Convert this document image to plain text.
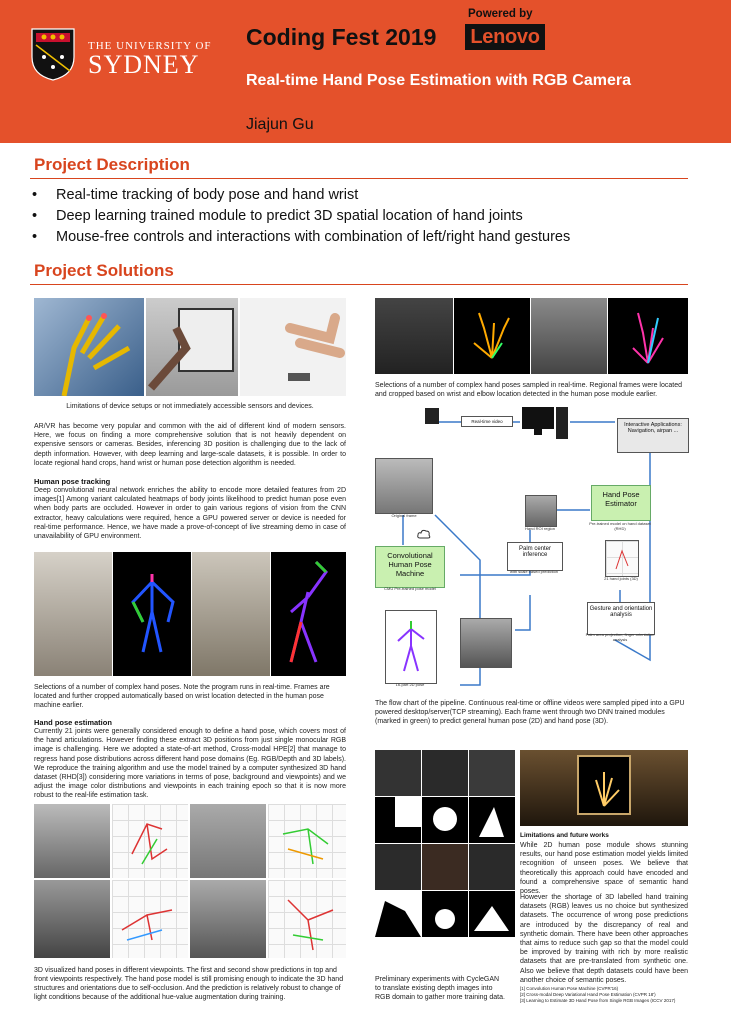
THE UNIVERSITY OF
SYDNEY
Powered by
Coding Fest 2019 Lenovo
Real-time Hand Pose Estimation with RGB Camera
Jiajun Gu
Project Description
• Real-time tracking of body pose and hand wrist
• Deep learning trained module to predict 3D spatial location of hand joints
• Mouse-free controls and interactions with combination of left/right hand gestures
Project Solutions
Limitations of device setups or not immediately accessible sensors and devices.
AR/VR has become very popular and common with the aid of different kind of modern sensors. Here, we focus on finding a more comprehensive solution that is not heavily dependent on expensive sensors or cameras. Besides, inferencing 3D position is challenging due to the lack of depth information. However, with deep learning and large-scale datasets, it is possible. In order to locate regional hand crops, hand wrist or human pose detection algorithm is needed.
Human pose tracking
Deep convolutional neural network enriches the ability to encode more detailed features from 2D images[1] Among variant calculated heatmaps of body joints likelihood to predict human pose even when body parts are occluded. However in order to gain various regions of vision from the CNN extractor, heavy calculations were required, hence a GPU powered server or device is needed for real-time performance. Hence, we have made a prove-of-concept of live streaming demo in case of unavailability of GPU environment.
Selections of a number of complex hand poses. Note the program runs in real-time. Frames are located and further cropped automatically based on wrist location detected in the human pose machine earlier.
Hand pose estimation
Currently 21 joints were generally considered enough to define a hand pose, which covers most of the hand articulations. However finding these extract 3D positions from just single monocular RGB image is challenging. Here we adopted a state-of-art method, Cross-modal HPE[2] that manage to regress hand pose distributions across different hand pose domains (Eg. RGB/Depth and 3D labels). We reproduce the training algorithm and use the model trained by a computer synthesized 3D hand dataset (RHD[3]) considering more variations in terms of pose, background and viewpoints) and we adjust the image color distributions and viewpoints in each training epoch so that it is now more robust to the real-life estimation task.
3D visualized hand poses in different viewpoints. The first and second show predictions in top and front viewpoints respectively. The hand pose model is still promising enough to indicate the 3D hand structures and orientations due to self-occlusion. And the prediction is relatively robust to change of light conditions because of the additional hue-value augmentation during training.
Selections of a number of complex hand poses sampled in real-time. Regional frames were located and cropped based on wrist and elbow location detected in the human pose module earlier.
Real-time video
Interactive Applications: Navigation, airpan ...
Original frame
Convolutional Human Pose Machine
CMU Pre-trained pose model
Hand ROI region
Hand Pose Estimator
Pre-trained model on hand dataset (RHD)
21 hand joints (3D)
Palm center inference
with scale based prediction
Gesture and orientation analysis
Palm area projection, finger orientation analysis
16-part 2D pose
The flow chart of the pipeline. Continuous real-time or offline videos were sampled piped into a GPU powered desktop/server(TCP streaming). Each frame went through two DNN trained modules (marked in green) to predict general human pose (2D) and hand pose (3D).
Preliminary experiments with CycleGAN to translate existing depth images into RGB domain to gather more training data.
Limitations and future works
While 2D human pose module shows stunning results, our hand pose estimation model yields limited recognition of unseen poses. We believe that theoretically this approach could have encoded and found a comprehensive space of semantic hand poses.
However the shortage of 3D labelled hand training datasets (RGB) leaves us no choice but synthesized datasets. The occurrence of wrong pose predictions are introduced by the discrepancy of real and synthetic domain. There have been other approaches that aims to reduce such gap so that the model could be improved by training with rich by more realistic datasets that are pre-translated from synthetic one. Also we believe that depth datasets could have been another choice of semantic poses.
[1] Convolution Human Pose Machine (CVPR'16)
[2] Cross-modal Deep Variational Hand Pose Estimation (CVPR 18')
[3] Learning to Estimate 3D Hand Pose from Single RGB Images (ICCV 2017)
